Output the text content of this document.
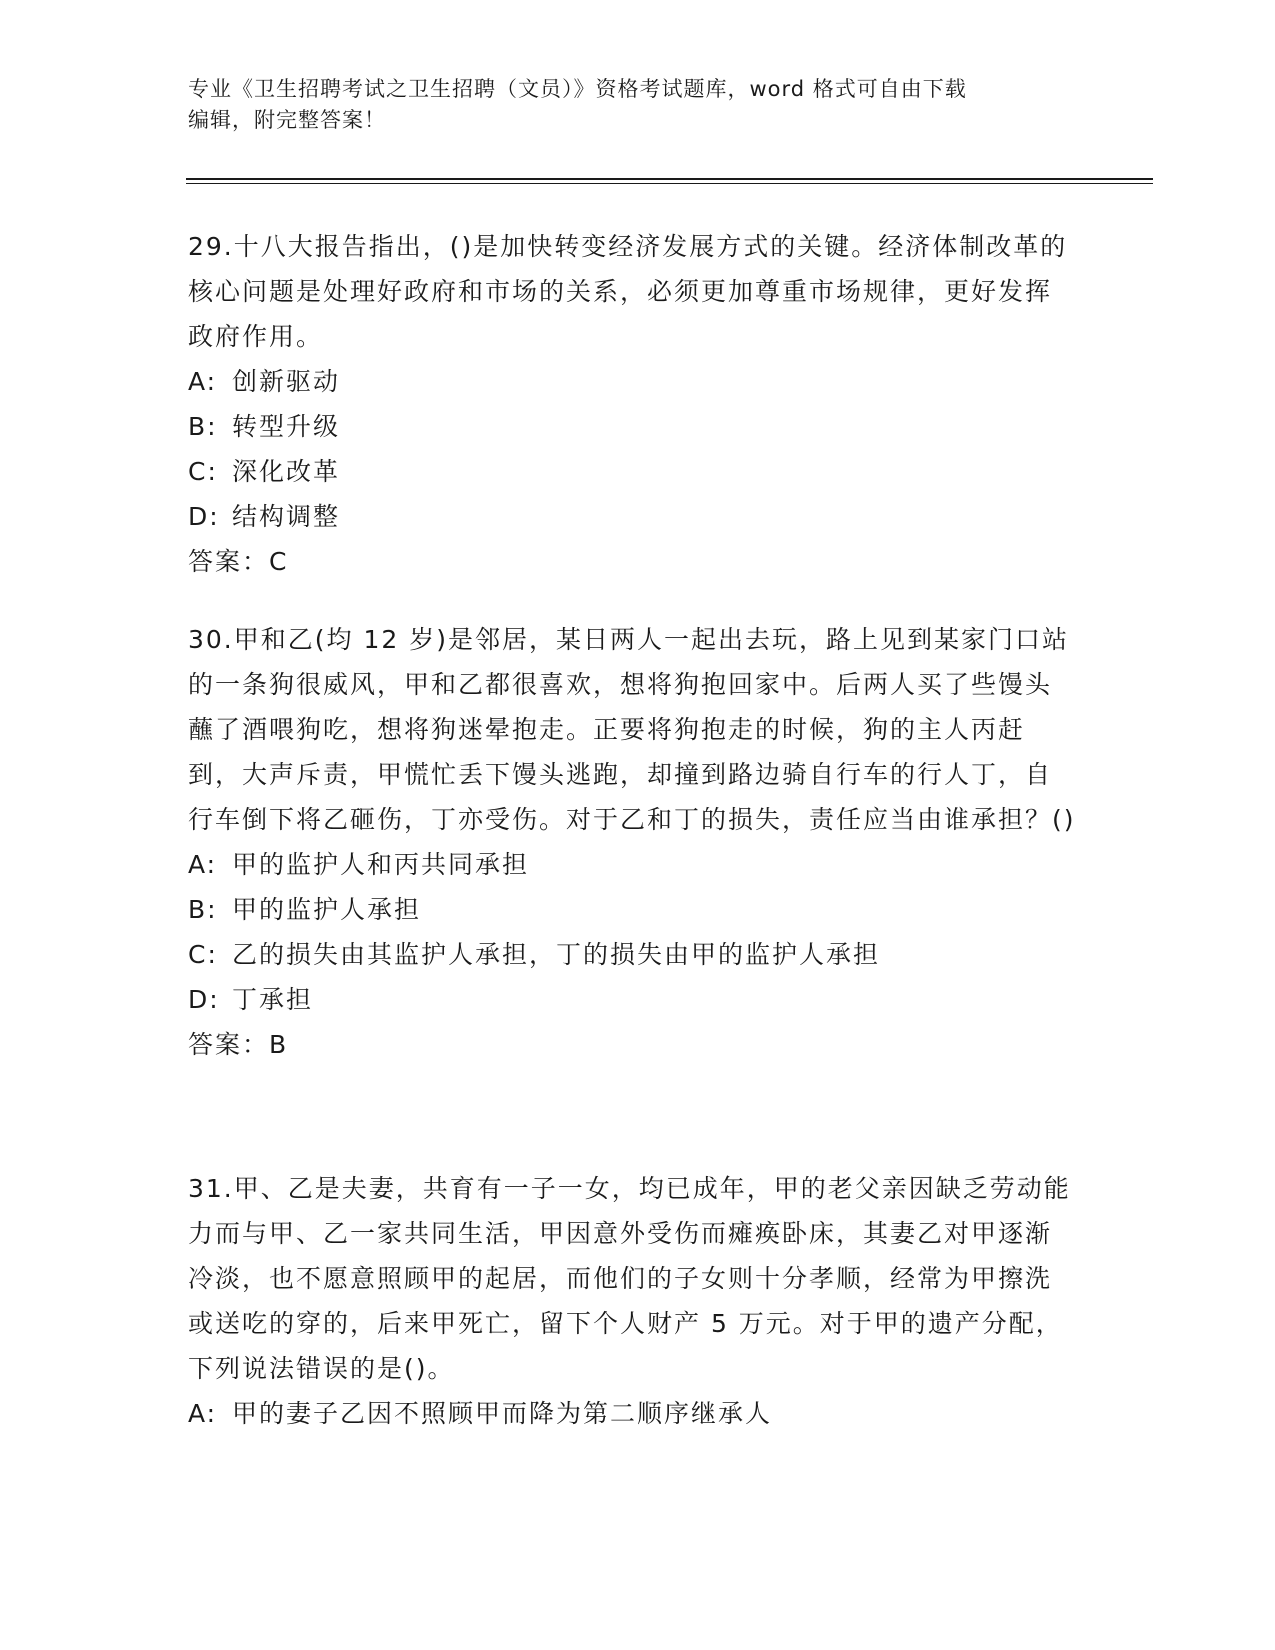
专业《卫生招聘考试之卫生招聘（文员）》资格考试题库，word 格式可自由下载
编辑，附完整答案！

29.十八大报告指出，()是加快转变经济发展方式的关键。经济体制改革的核心问题是处理好政府和市场的关系，必须更加尊重市场规律，更好发挥政府作用。

A: 创新驱动

B: 转型升级

C: 深化改革

D: 结构调整

答案：C

30.甲和乙(均 12 岁)是邻居，某日两人一起出去玩，路上见到某家门口站的一条狗很威风，甲和乙都很喜欢，想将狗抱回家中。后两人买了些馒头蘸了酒喂狗吃，想将狗迷晕抱走。正要将狗抱走的时候，狗的主人丙赶到，大声斥责，甲慌忙丢下馒头逃跑，却撞到路边骑自行车的行人丁，自行车倒下将乙砸伤，丁亦受伤。对于乙和丁的损失，责任应当由谁承担？()

A: 甲的监护人和丙共同承担

B: 甲的监护人承担

C: 乙的损失由其监护人承担，丁的损失由甲的监护人承担

D: 丁承担

答案：B

31.甲、乙是夫妻，共育有一子一女，均已成年，甲的老父亲因缺乏劳动能力而与甲、乙一家共同生活，甲因意外受伤而瘫痪卧床，其妻乙对甲逐渐冷淡，也不愿意照顾甲的起居，而他们的子女则十分孝顺，经常为甲擦洗或送吃的穿的，后来甲死亡，留下个人财产 5 万元。对于甲的遗产分配，下列说法错误的是()。

A: 甲的妻子乙因不照顾甲而降为第二顺序继承人
